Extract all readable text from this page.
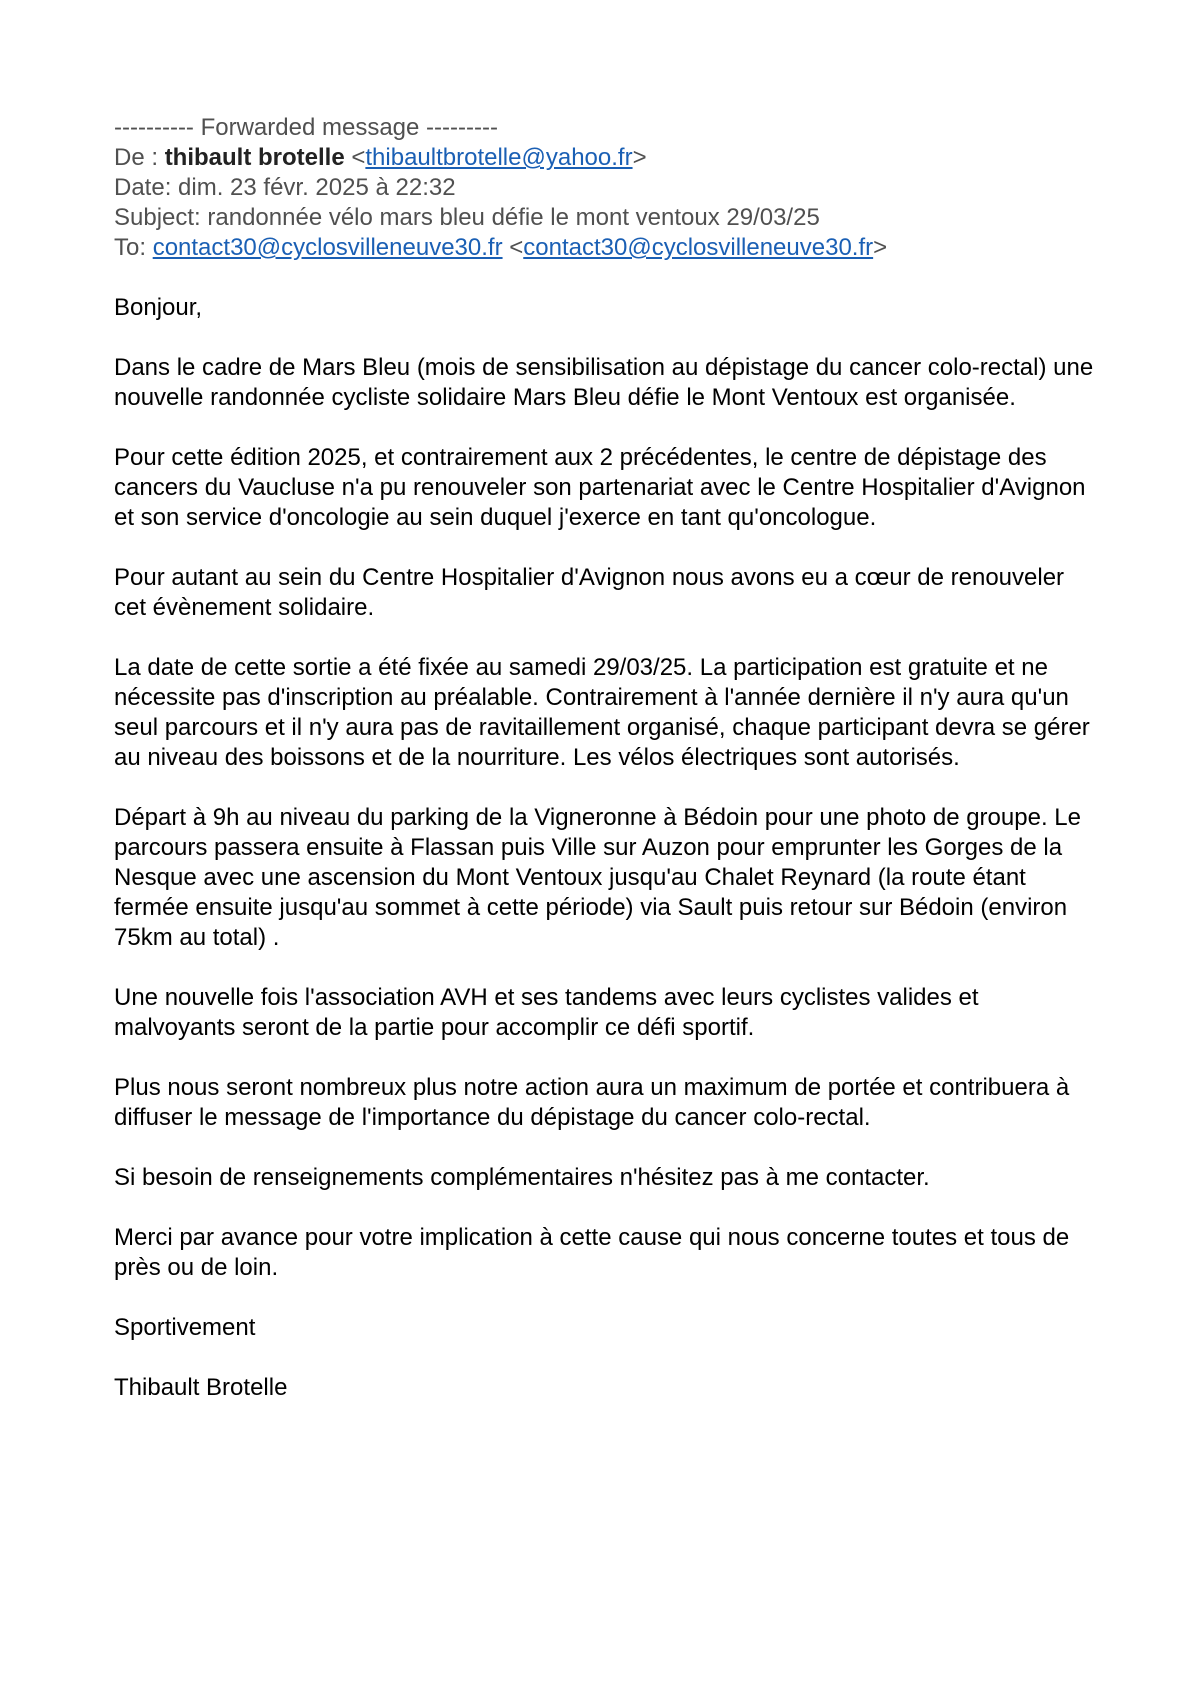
---------- Forwarded message ---------
De : thibault brotelle <thibaultbrotelle@yahoo.fr>
Date: dim. 23 févr. 2025 à 22:32
Subject: randonnée vélo mars bleu défie le mont ventoux 29/03/25
To: contact30@cyclosvilleneuve30.fr <contact30@cyclosvilleneuve30.fr>

Bonjour,

Dans le cadre de Mars Bleu (mois de sensibilisation au dépistage du cancer colo-rectal) une nouvelle randonnée cycliste solidaire Mars Bleu défie le Mont Ventoux est organisée.

Pour cette édition 2025, et contrairement aux 2 précédentes, le centre de dépistage des cancers du Vaucluse n'a pu renouveler son partenariat avec le Centre Hospitalier d'Avignon et son service d'oncologie au sein duquel j'exerce en tant qu'oncologue.

Pour autant au sein du Centre Hospitalier d'Avignon nous avons eu a cœur de renouveler cet évènement solidaire.

La date de cette sortie a été fixée au samedi 29/03/25. La participation est gratuite et ne nécessite pas d'inscription au préalable. Contrairement à l'année dernière il n'y aura qu'un seul parcours et il n'y aura pas de ravitaillement organisé, chaque participant devra se gérer au niveau des boissons et de la nourriture. Les vélos électriques sont autorisés.

Départ à 9h au niveau du parking de la Vigneronne à Bédoin pour une photo de groupe. Le parcours passera ensuite à Flassan puis Ville sur Auzon pour emprunter les Gorges de la Nesque avec une ascension du Mont Ventoux jusqu'au Chalet Reynard (la route étant fermée ensuite jusqu'au sommet à cette période) via Sault puis retour sur Bédoin (environ 75km au total) .

Une nouvelle fois l'association AVH et ses tandems avec leurs cyclistes valides et malvoyants seront de la partie pour accomplir ce défi sportif.

Plus nous seront nombreux plus notre action aura un maximum de portée et contribuera à diffuser le message de l'importance du dépistage du cancer colo-rectal.

Si besoin de renseignements complémentaires n'hésitez pas à me contacter.

Merci par avance pour votre implication à cette cause qui nous concerne toutes et tous de près ou de loin.

Sportivement

Thibault Brotelle
